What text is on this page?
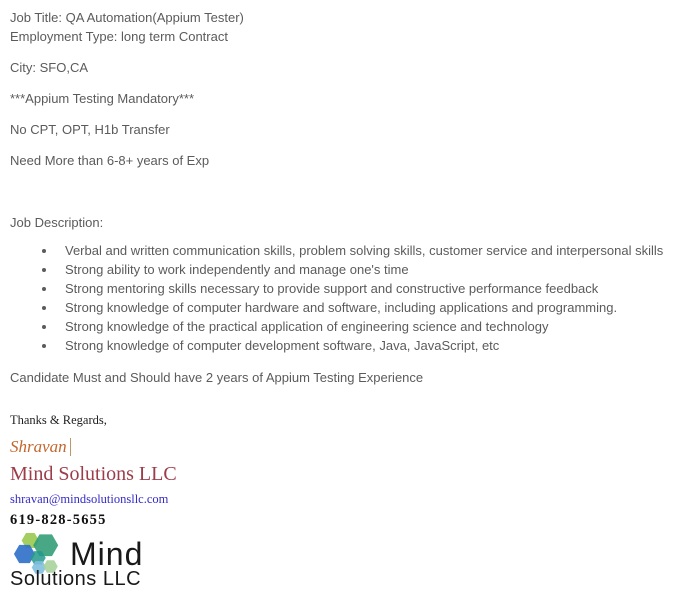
Job Title: QA Automation(Appium Tester)

Employment Type: long term Contract

City: SFO,CA

***Appium Testing Mandatory***

No CPT, OPT, H1b Transfer

Need More than 6-8+ years of Exp

Job Description:

• Verbal and written communication skills, problem solving skills, customer service and interpersonal skills
• Strong ability to work independently and manage one's time
• Strong mentoring skills necessary to provide support and constructive performance feedback
• Strong knowledge of computer hardware and software, including applications and programming.
• Strong knowledge of the practical application of engineering science and technology
• Strong knowledge of computer development software, Java, JavaScript, etc

Candidate Must and Should have 2 years of Appium Testing Experience

Thanks & Regards,

Shravan

Mind Solutions LLC

shravan@mindsolutionsllc.com

619-828-5655

Mind
Solutions LLC
